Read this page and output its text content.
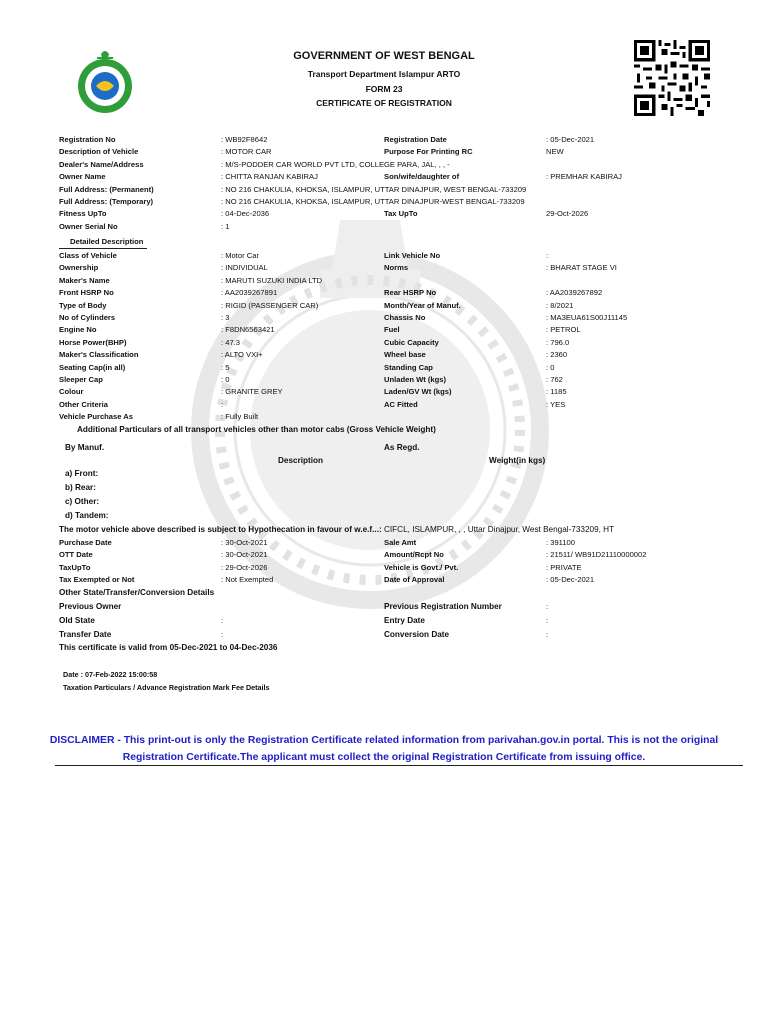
GOVERNMENT OF WEST BENGAL
Transport Department Islampur ARTO
FORM 23
CERTIFICATE OF REGISTRATION
Registration No	: WB92F8642	Registration Date	: 05-Dec-2021
Description of Vehicle	: MOTOR CAR	Purpose For Printing RC	NEW
Dealer's Name/Address	: M/S-PODDER CAR WORLD PVT LTD, COLLEGE PARA, JAL, , , -
Owner Name	: CHITTA RANJAN KABIRAJ	Son/wife/daughter of	: PREMHAR KABIRAJ
Full Address: (Permanent)	: NO 216 CHAKULIA, KHOKSA, ISLAMPUR, UTTAR DINAJPUR, WEST BENGAL-733209
Full Address: (Temporary)	: NO 216 CHAKULIA, KHOKSA, ISLAMPUR, UTTAR DINAJPUR-WEST BENGAL-733209
Fitness UpTo	: 04-Dec-2036	Tax UpTo	29-Oct-2026
Owner Serial No	: 1
Detailed Description
Class of Vehicle	: Motor Car	Link Vehicle No	:
Ownership	: INDIVIDUAL	Norms	: BHARAT STAGE VI
Maker's Name	: MARUTI SUZUKI INDIA LTD
Front HSRP No	: AA2039267891	Rear HSRP No	: AA2039267892
Type of Body	: RIGID (PASSENGER CAR)	Month/Year of Manuf.	: 8/2021
No of Cylinders	: 3	Chassis No	: MA3EUA61S00J11145
Engine No	: F8DN6563421	Fuel	: PETROL
Horse Power(BHP)	: 47.3	Cubic Capacity	: 796.0
Maker's Classification	: ALTO VXI+	Wheel base	: 2360
Seating Cap(in all)	: 5	Standing Cap	: 0
Sleeper Cap	: 0	Unladen Wt (kgs)	: 762
Colour	: GRANITE GREY	Laden/GV Wt (kgs)	: 1185
Other Criteria	:	AC Fitted	: YES
Vehicle Purchase As	: Fully Built
Additional Particulars of all transport vehicles other than motor cabs (Gross Vehicle Weight)
By Manuf.	As Regd.
Description	Weight(in kgs)
a) Front:
b) Rear:
c) Other:
d) Tandem:
The motor vehicle above described is subject to Hypothecation in favour of w.e.f...: CIFCL, ISLAMPUR, , , Uttar Dinajpur, West Bengal-733209, HT
Purchase Date	: 30-Oct-2021	Sale Amt	: 391100
OTT Date	: 30-Oct-2021	Amount/Rcpt No	: 21511/ WB91D21110000002
TaxUpTo	: 29-Oct-2026	Vehicle is Govt./ Pvt.	: PRIVATE
Tax Exempted or Not	: Not Exempted	Date of Approval	: 05-Dec-2021
Other State/Transfer/Conversion Details
Previous Owner	Previous Registration Number	:
Old State	:	Entry Date	:
Transfer Date	:	Conversion Date	:
This certificate is valid from 05-Dec-2021 to 04-Dec-2036
Date : 07-Feb-2022 15:00:58
Taxation Particulars / Advance Registration Mark Fee Details
DISCLAIMER - This print-out is only the Registration Certificate related information from parivahan.gov.in portal. This is not the original Registration Certificate.The applicant must collect the original Registration Certificate from issuing office.
